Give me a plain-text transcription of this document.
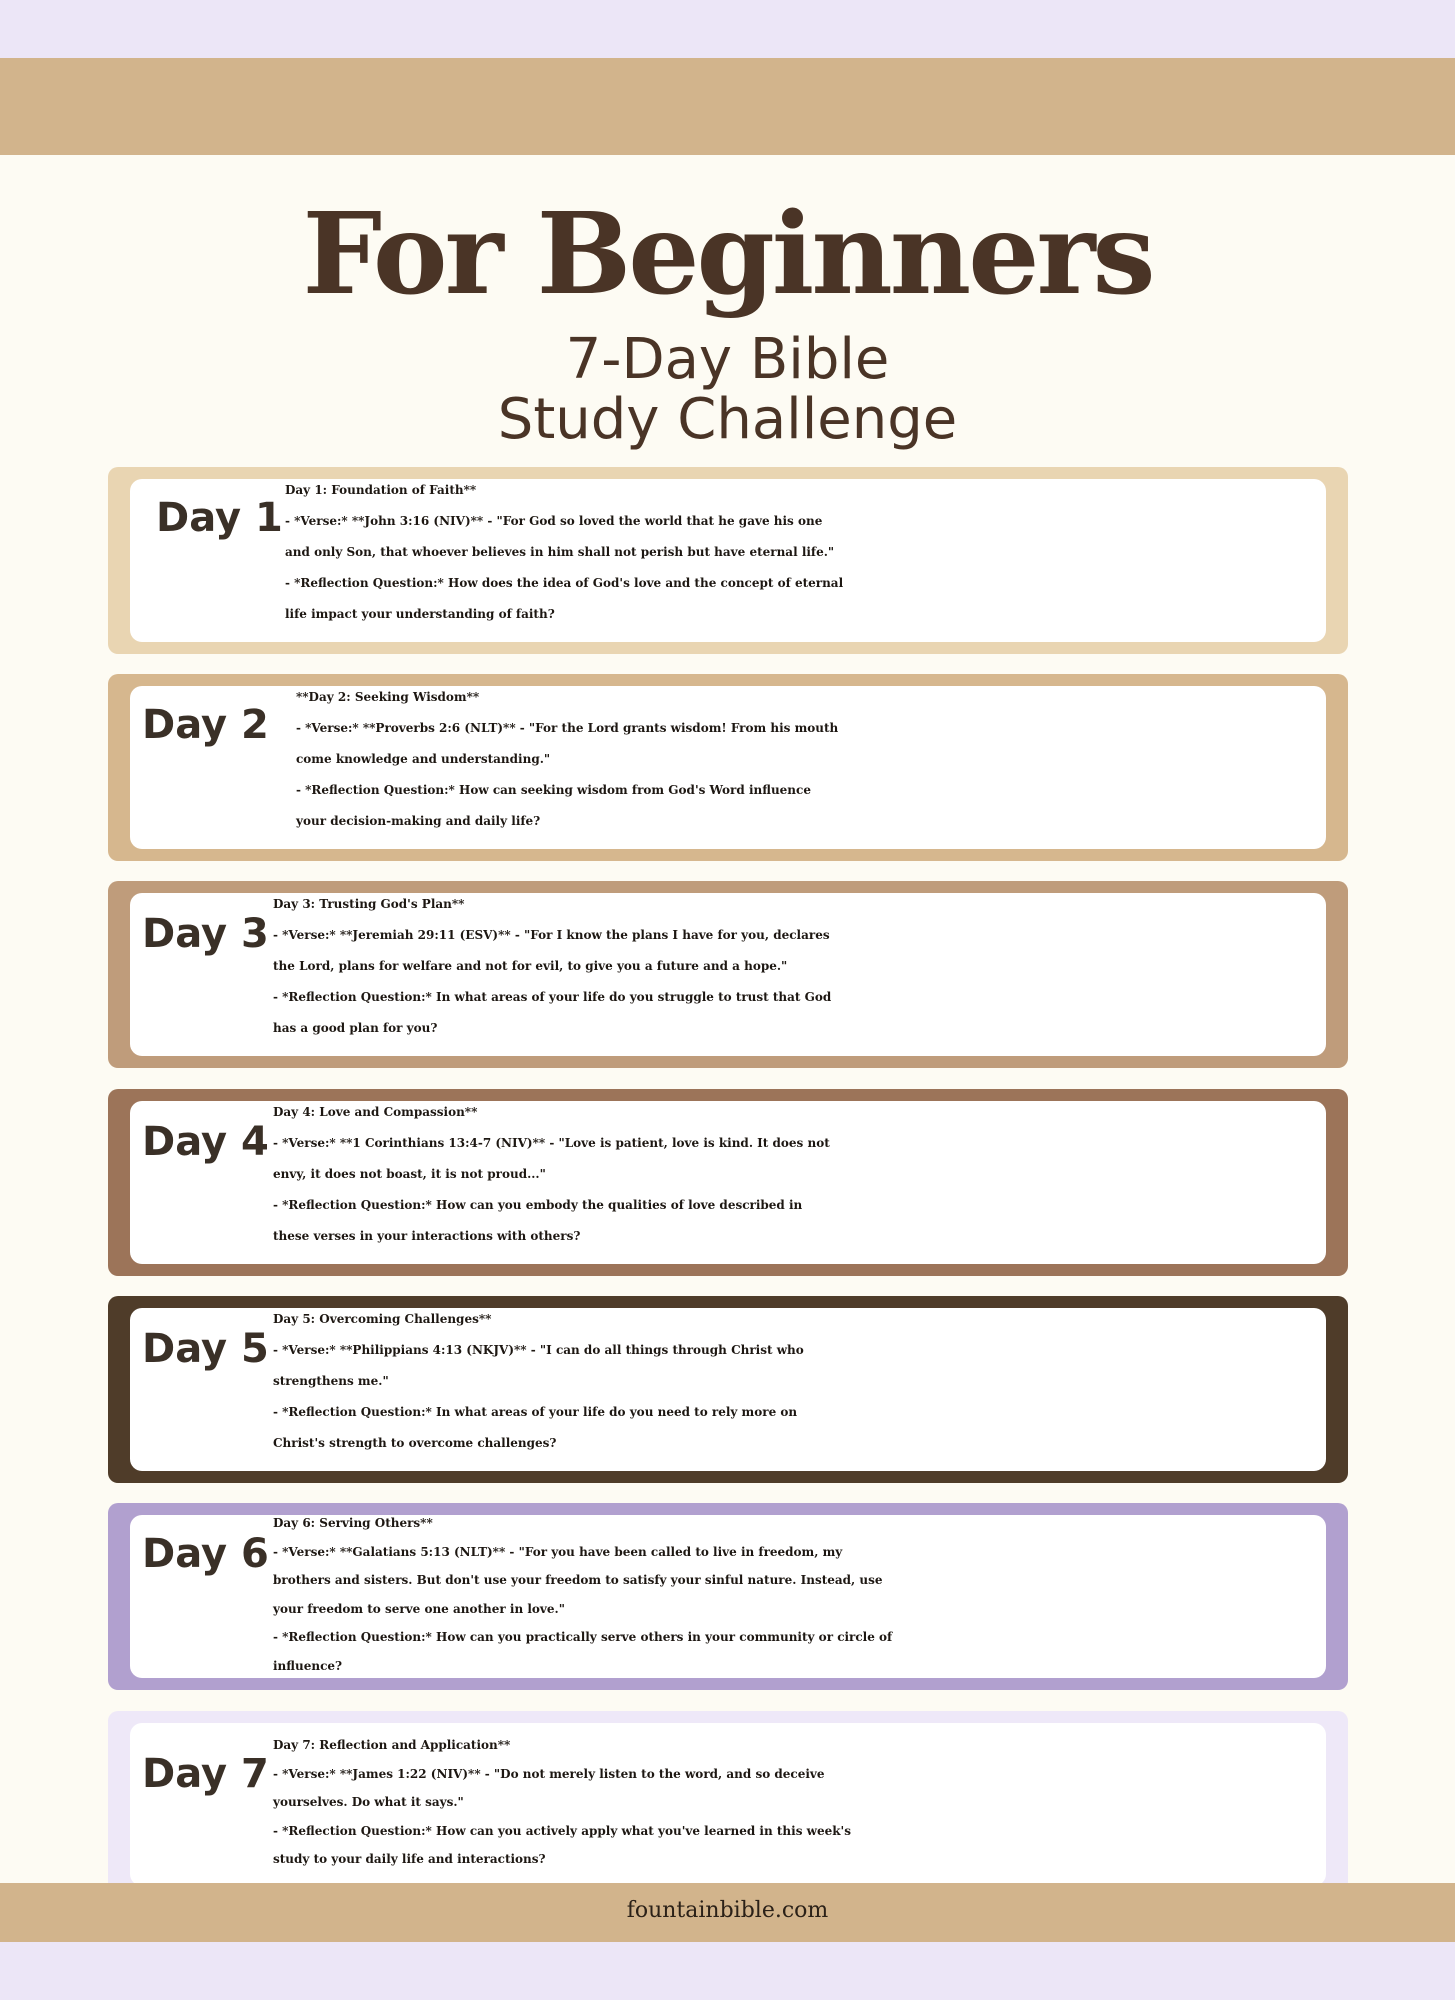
For Beginners
7-Day Bible
Study Challenge
Day 1
Day 1: Foundation of Faith**
- *Verse:* **John 3:16 (NIV)** - "For God so loved the world that he gave his one
and only Son, that whoever believes in him shall not perish but have eternal life."
- *Reflection Question:* How does the idea of God's love and the concept of eternal
life impact your understanding of faith?
Day 2
**Day 2: Seeking Wisdom**
- *Verse:* **Proverbs 2:6 (NLT)** - "For the Lord grants wisdom! From his mouth
come knowledge and understanding."
- *Reflection Question:* How can seeking wisdom from God's Word influence
your decision-making and daily life?
Day 3
Day 3: Trusting God's Plan**
- *Verse:* **Jeremiah 29:11 (ESV)** - "For I know the plans I have for you, declares
the Lord, plans for welfare and not for evil, to give you a future and a hope."
- *Reflection Question:* In what areas of your life do you struggle to trust that God
has a good plan for you?
Day 4
Day 4: Love and Compassion**
- *Verse:* **1 Corinthians 13:4-7 (NIV)** - "Love is patient, love is kind. It does not
envy, it does not boast, it is not proud..."
- *Reflection Question:* How can you embody the qualities of love described in
these verses in your interactions with others?
Day 5
Day 5: Overcoming Challenges**
- *Verse:* **Philippians 4:13 (NKJV)** - "I can do all things through Christ who
strengthens me."
- *Reflection Question:* In what areas of your life do you need to rely more on
Christ's strength to overcome challenges?
Day 6
Day 6: Serving Others**
- *Verse:* **Galatians 5:13 (NLT)** - "For you have been called to live in freedom, my
brothers and sisters. But don't use your freedom to satisfy your sinful nature. Instead, use
your freedom to serve one another in love."
- *Reflection Question:* How can you practically serve others in your community or circle of
influence?
Day 7
Day 7: Reflection and Application**
- *Verse:* **James 1:22 (NIV)** - "Do not merely listen to the word, and so deceive
yourselves. Do what it says."
- *Reflection Question:* How can you actively apply what you've learned in this week's
study to your daily life and interactions?
fountainbible.com
